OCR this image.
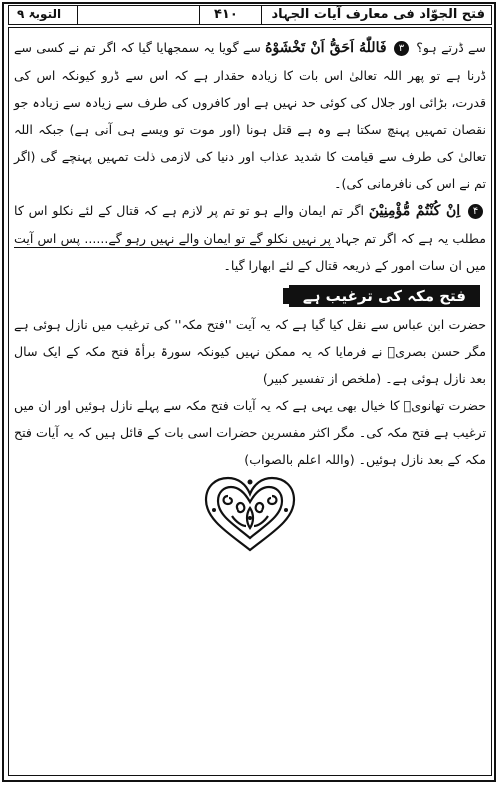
فتح الجوّاد فی معارف آیات الجہاد
۴۱۰
التوبۃ ۹

سے ڈرتے ہو؟ ۳ فَاللّٰهُ اَحَقُّ اَنْ تَخْشَوْهُ سے گویا یہ سمجھایا گیا کہ اگر تم نے کسی سے ڈرنا ہے تو پھر اللہ تعالیٰ اس بات کا زیادہ حقدار ہے کہ اس سے ڈرو کیونکہ اس کی قدرت، بڑائی اور جلال کی کوئی حد نہیں ہے اور کافروں کی طرف سے زیادہ سے زیادہ جو نقصان تمہیں پہنچ سکتا ہے وہ ہے قتل ہونا (اور موت تو ویسے ہی آنی ہے) جبکہ اللہ تعالیٰ کی طرف سے قیامت کا شدید عذاب اور دنیا کی لازمی ذلت تمہیں پہنچے گی (اگر تم نے اس کی نافرمانی کی)۔

۴ اِنْ كُنْتُمْ مُّؤْمِنِيْنَ اگر تم ایمان والے ہو تو تم پر لازم ہے کہ قتال کے لئے نکلو اس کا مطلب یہ ہے کہ اگر تم جہاد پر نہیں نکلو گے تو ایمان والے نہیں رہو گے...... پس اس آیت میں ان سات امور کے ذریعہ قتال کے لئے ابھارا گیا۔

فتح مکہ کی ترغیب ہے

حضرت ابن عباس سے نقل کیا گیا ہے کہ یہ آیت ''فتح مکہ'' کی ترغیب میں نازل ہوئی ہے مگر حسن بصریؒ نے فرمایا کہ یہ ممکن نہیں کیونکہ سورۃ برأۃ فتح مکہ کے ایک سال بعد نازل ہوئی ہے۔ (ملخص از تفسیر کبیر)

حضرت تھانویؒ کا خیال بھی یہی ہے کہ یہ آیات فتح مکہ سے پہلے نازل ہوئیں اور ان میں ترغیب ہے فتح مکہ کی۔ مگر اکثر مفسرین حضرات اسی بات کے قائل ہیں کہ یہ آیات فتح مکہ کے بعد نازل ہوئیں۔ (واللہ اعلم بالصواب)
